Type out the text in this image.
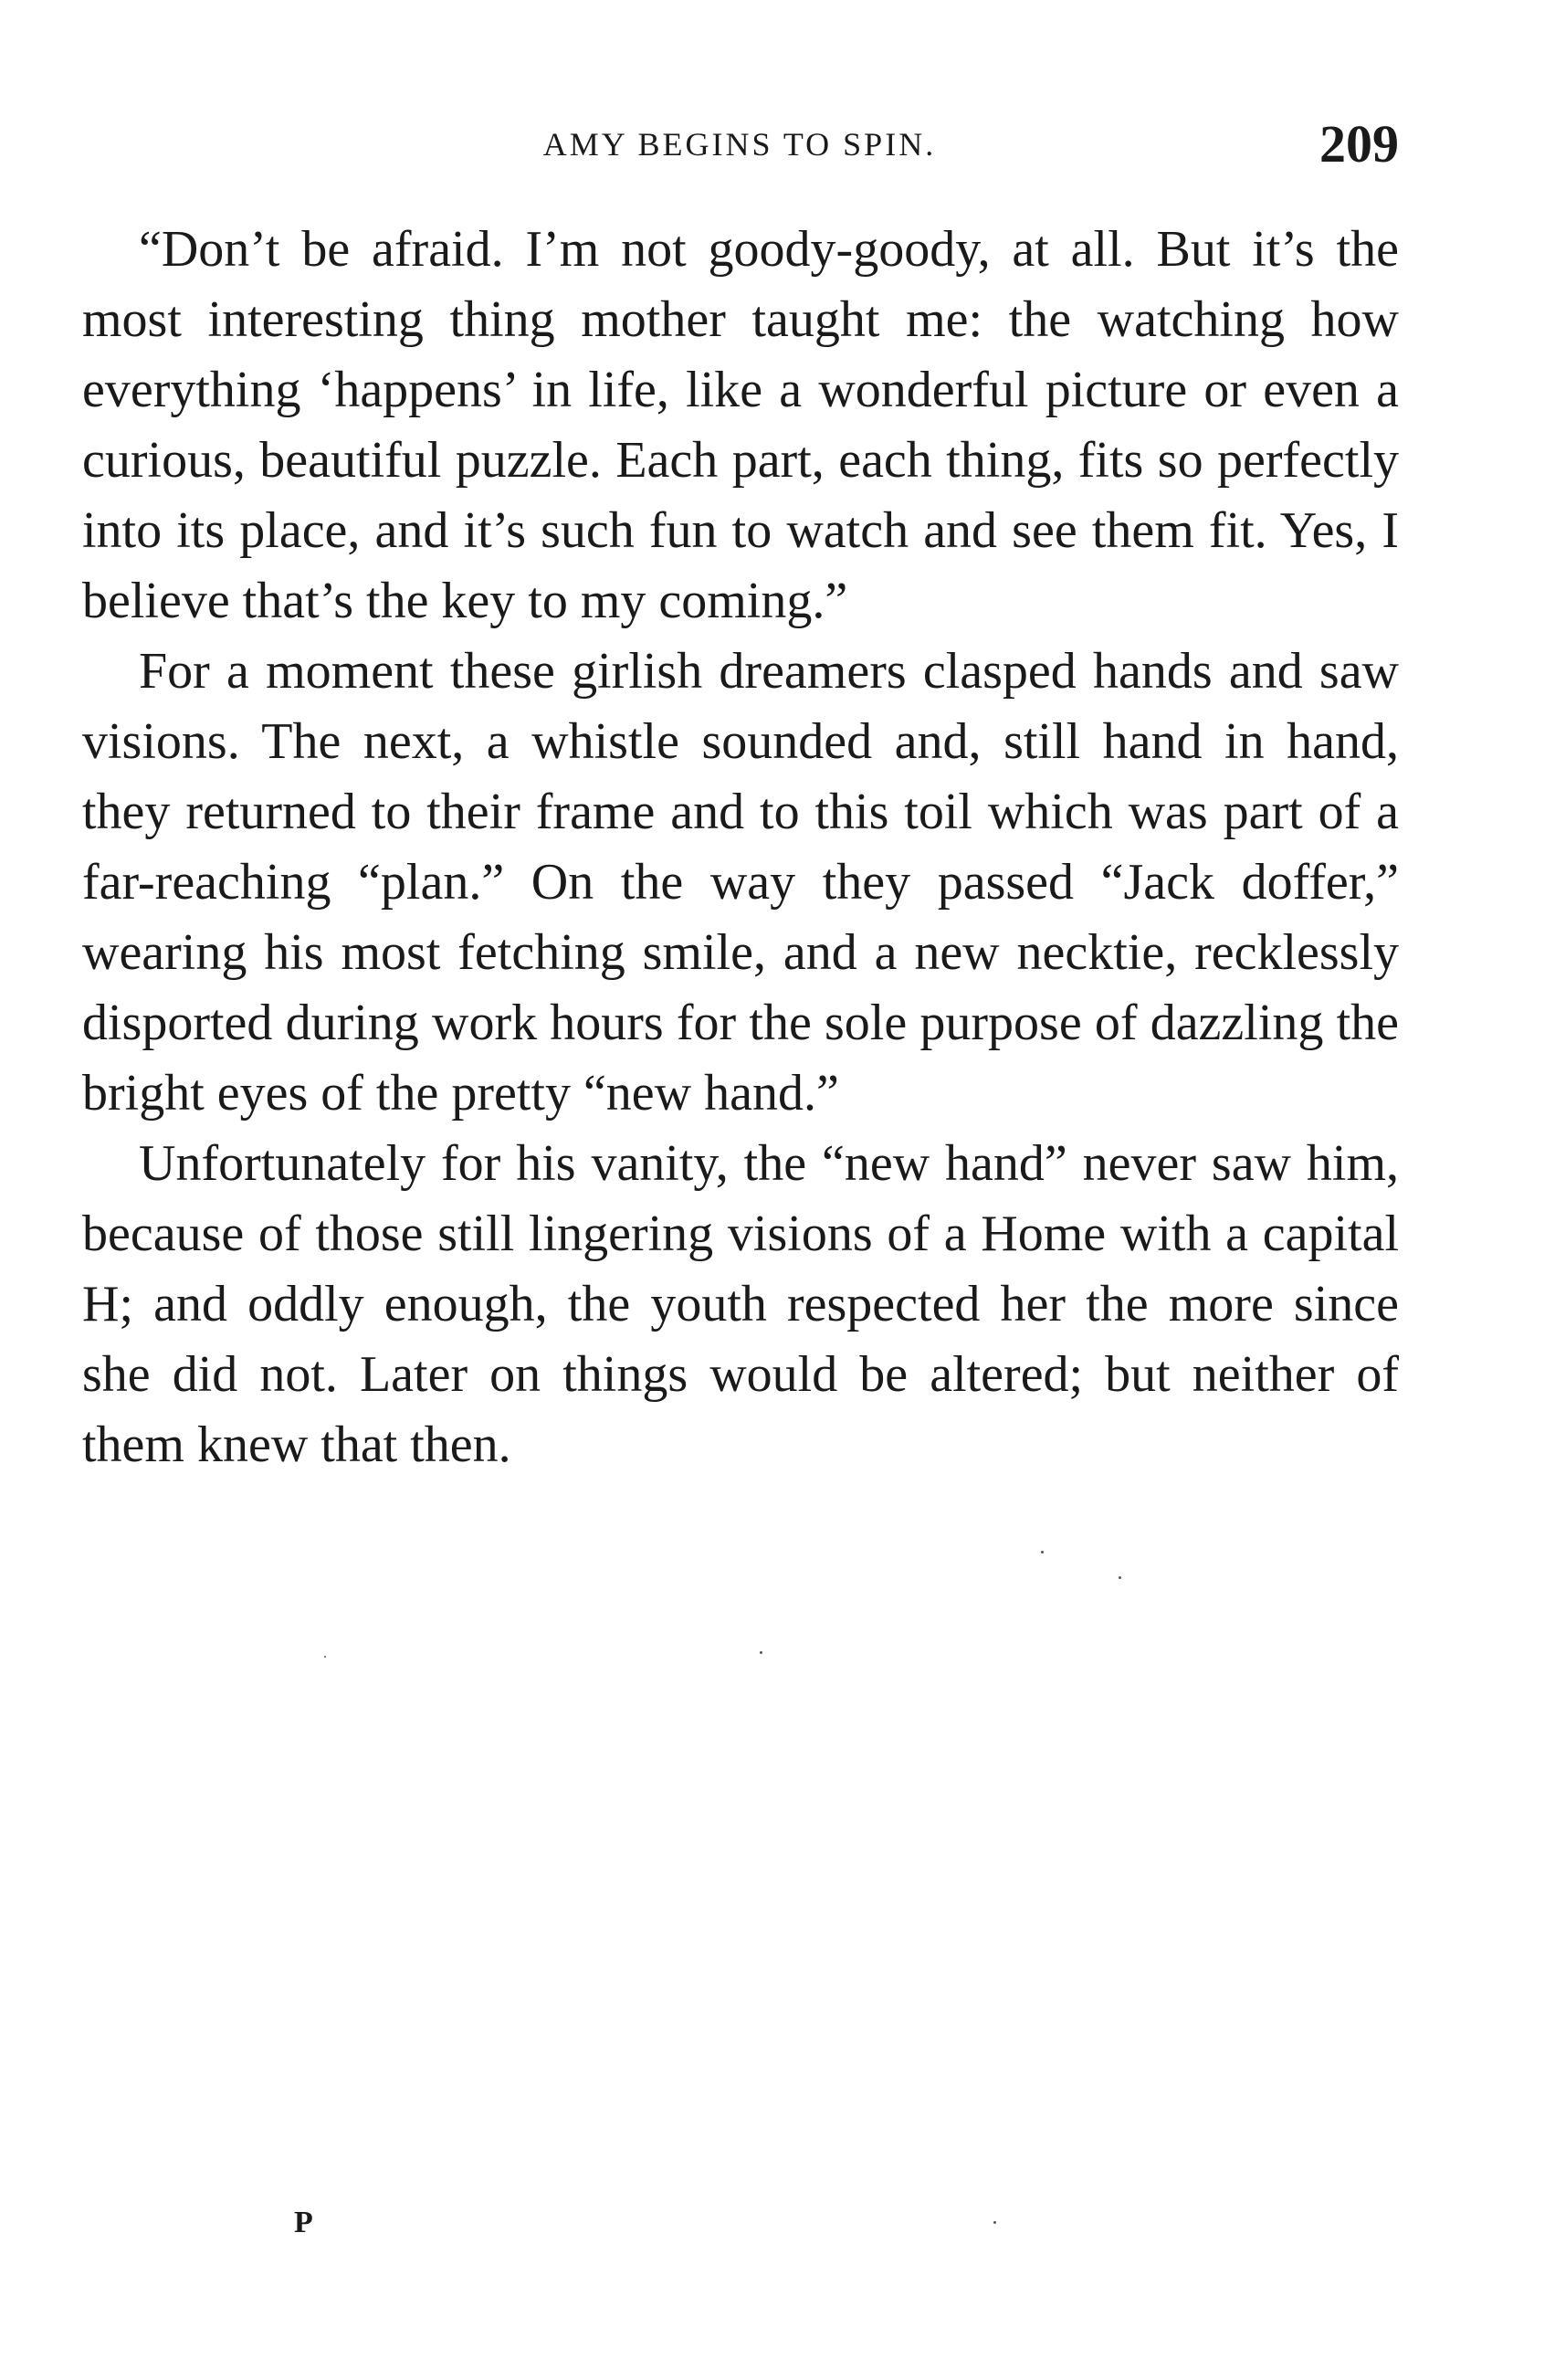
AMY BEGINS TO SPIN.	209

“Don’t be afraid. I’m not goody-goody, at all. But it’s the most interesting thing mother taught me: the watching how everything ‘happens’ in life, like a wonderful picture or even a curious, beautiful puzzle. Each part, each thing, fits so perfectly into its place, and it’s such fun to watch and see them fit. Yes, I believe that’s the key to my coming.”

For a moment these girlish dreamers clasped hands and saw visions. The next, a whistle sounded and, still hand in hand, they returned to their frame and to this toil which was part of a far-reaching “plan.” On the way they passed “Jack doffer,” wearing his most fetching smile, and a new necktie, recklessly disported during work hours for the sole purpose of dazzling the bright eyes of the pretty “new hand.”

Unfortunately for his vanity, the “new hand” never saw him, because of those still lingering visions of a Home with a capital H; and oddly enough, the youth respected her the more since she did not. Later on things would be altered; but neither of them knew that then.

P
